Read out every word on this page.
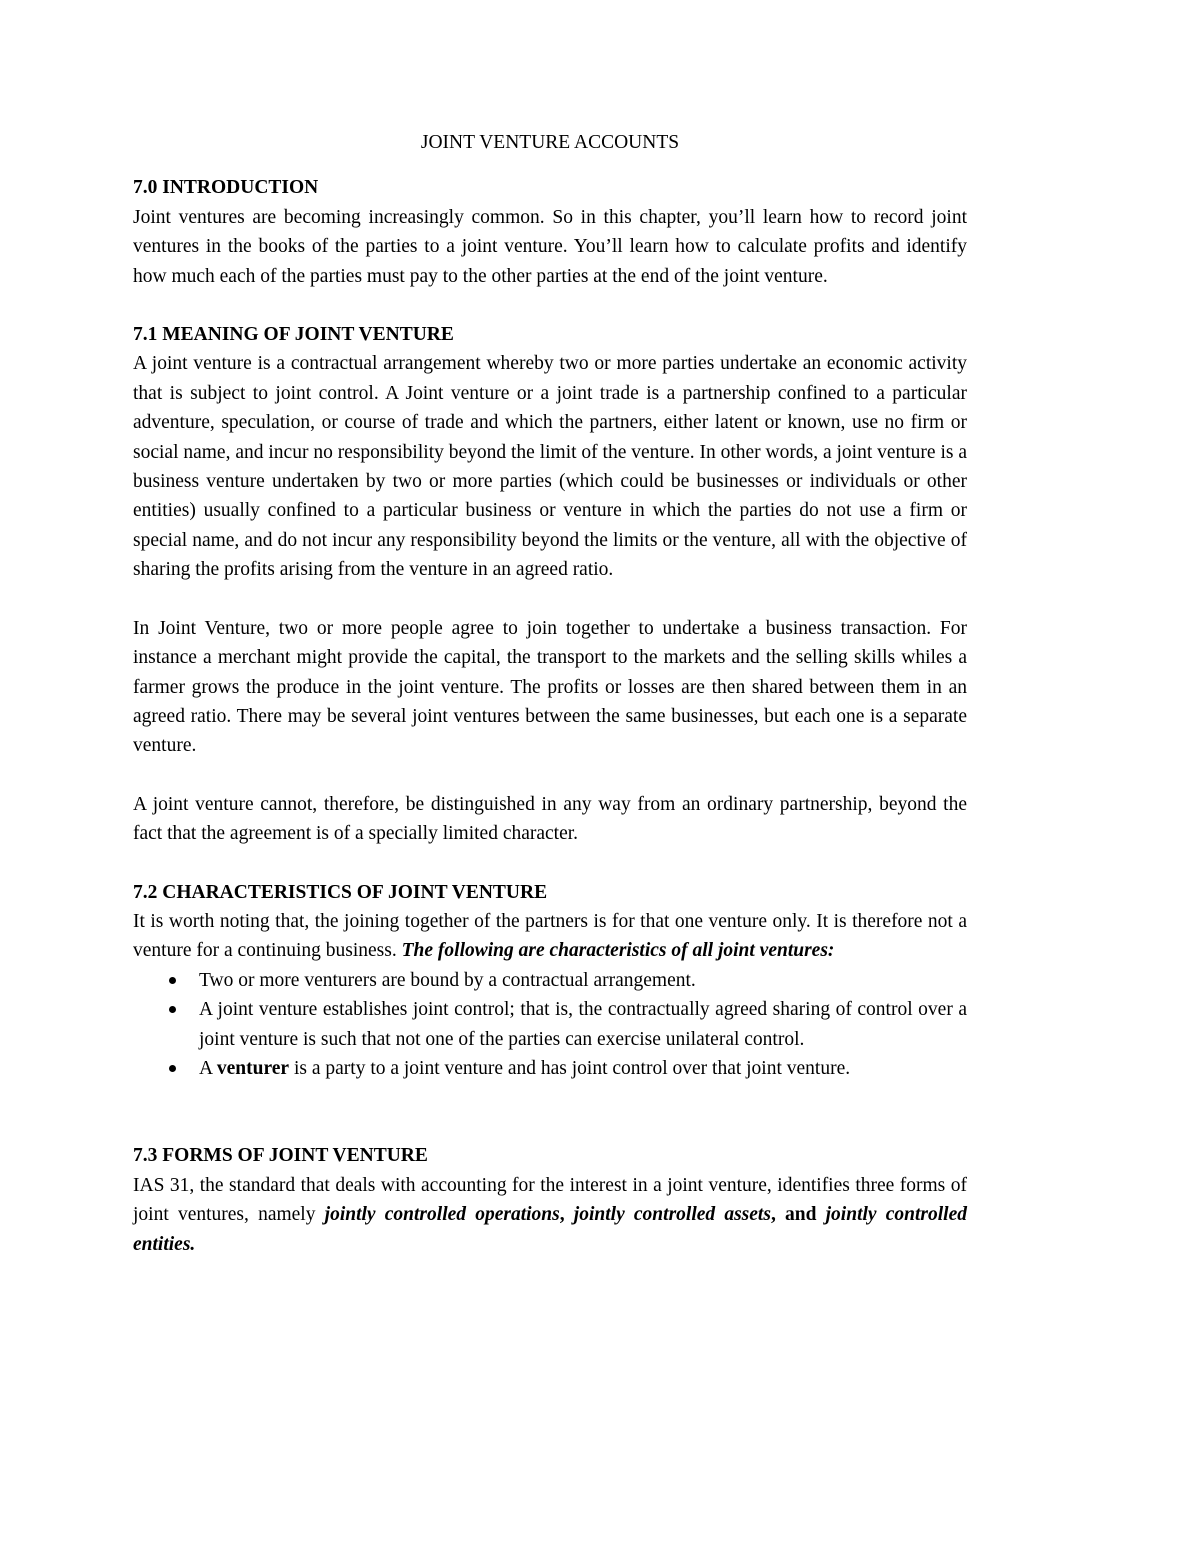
JOINT VENTURE ACCOUNTS
7.0 INTRODUCTION

Joint ventures are becoming increasingly common. So in this chapter, you’ll learn how to record joint ventures in the books of the parties to a joint venture. You’ll learn how to calculate profits and identify how much each of the parties must pay to the other parties at the end of the joint venture.

7.1 MEANING OF JOINT VENTURE

A joint venture is a contractual arrangement whereby two or more parties undertake an economic activity that is subject to joint control. A Joint venture or a joint trade is a partnership confined to a particular adventure, speculation, or course of trade and which the partners, either latent or known, use no firm or social name, and incur no responsibility beyond the limit of the venture. In other words, a joint venture is a business venture undertaken by two or more parties (which could be businesses or individuals or other entities) usually confined to a particular business or venture in which the parties do not use a firm or special name, and do not incur any responsibility beyond the limits or the venture, all with the objective of sharing the profits arising from the venture in an agreed ratio.

In Joint Venture, two or more people agree to join together to undertake a business transaction. For instance a merchant might provide the capital, the transport to the markets and the selling skills whiles a farmer grows the produce in the joint venture. The profits or losses are then shared between them in an agreed ratio. There may be several joint ventures between the same businesses, but each one is a separate venture.

A joint venture cannot, therefore, be distinguished in any way from an ordinary partnership, beyond the fact that the agreement is of a specially limited character.

7.2 CHARACTERISTICS OF JOINT VENTURE

It is worth noting that, the joining together of the partners is for that one venture only. It is therefore not a venture for a continuing business. The following are characteristics of all joint ventures:

Two or more venturers are bound by a contractual arrangement.
A joint venture establishes joint control; that is, the contractually agreed sharing of control over a joint venture is such that not one of the parties can exercise unilateral control.
A venturer is a party to a joint venture and has joint control over that joint venture.
7.3 FORMS OF JOINT VENTURE

IAS 31, the standard that deals with accounting for the interest in a joint venture, identifies three forms of joint ventures, namely jointly controlled operations, jointly controlled assets, and jointly controlled entities.
